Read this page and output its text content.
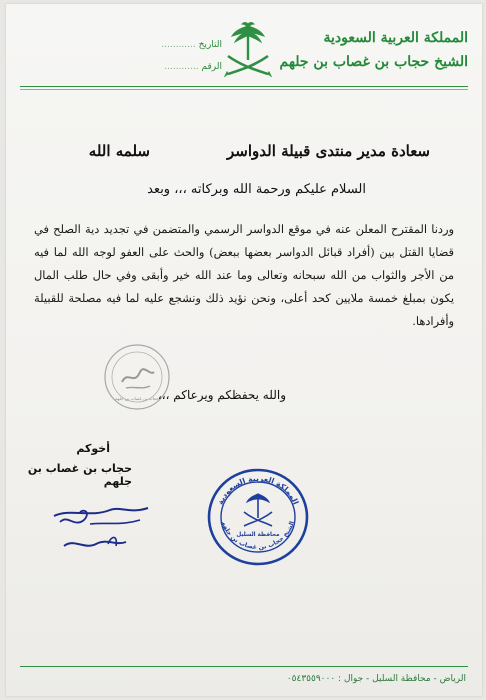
المملكة العربية السعودية
الشيخ حجاب بن غصاب بن جلهم
التاريخ ............
الرقم ............
سعادة مدير منتدى قبيلة الدواسر
سلمه الله
السلام عليكم ورحمة الله وبركاته ،،، وبعد
وردنا المقترح المعلن عنه في موقع الدواسر الرسمي والمتضمن في تجديد دية الصلح في قضايا القتل بين (أفراد قبائل الدواسر بعضها ببعض) والحث على العفو لوجه الله لما فيه من الأجر والثواب من الله سبحانه وتعالى وما عند الله خير وأبقى وفي حال طلب المال يكون بمبلغ خمسة ملايين كحد أعلى، ونحن نؤيد ذلك ونشجع عليه لما فيه مصلحة للقبيلة وأفرادها.
حجاب بن غصاب بن جلهم
والله يحفظكم ويرعاكم ،،،
أخوكم
حجاب بن غصاب بن جلهم
المملكة العربية السعودية
الشيخ حجاب بن غصاب بن جلهم
محافظة السليل
الرياض - محافظة السليل - جوال : ٠٥٤٣٥٥٩٠٠٠
